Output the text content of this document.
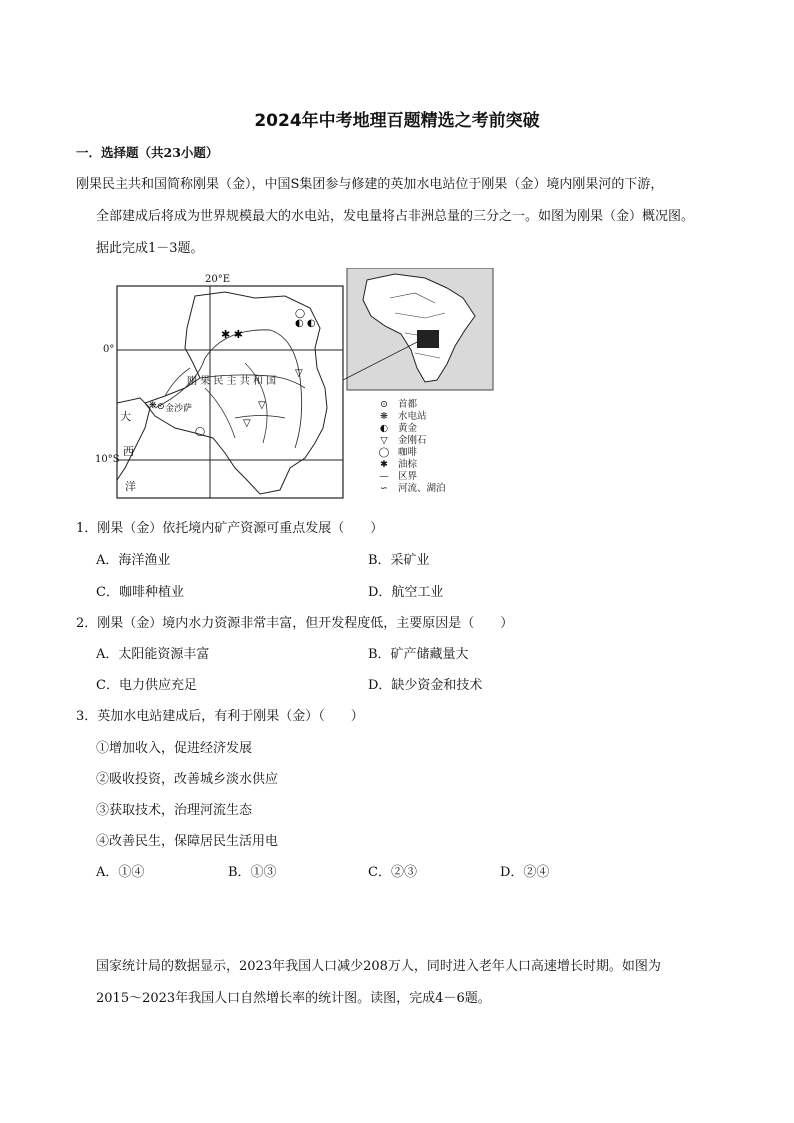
2024年中考地理百题精选之考前突破
一．选择题（共23小题）
刚果民主共和国简称刚果（金），中国S集团参与修建的英加水电站位于刚果（金）境内刚果河的下游，
全部建成后将成为世界规模最大的水电站，发电量将占非洲总量的三分之一。如图为刚果（金）概况图。
据此完成1－3题。
◐ ◐
◯
✱ ✱
▽
▽
▽
◯
⊙
❋
20°E
0°
10°S
刚 果 民 主 共 和 国
金沙萨
大
西
洋
⊙ 首都
❋ 水电站
◐ 黄金
▽ 金刚石
◯ 咖啡
✱ 油棕
— 区界
∽ 河流、湖泊
1．刚果（金）依托境内矿产资源可重点发展（　　）
A．海洋渔业	B．采矿业
C．咖啡种植业	D．航空工业
2．刚果（金）境内水力资源非常丰富，但开发程度低，主要原因是（　　）
A．太阳能资源丰富	B．矿产储藏量大
C．电力供应充足	D．缺少资金和技术
3．英加水电站建成后，有利于刚果（金）（　　）
①增加收入，促进经济发展
②吸收投资，改善城乡淡水供应
③获取技术，治理河流生态
④改善民生，保障居民生活用电
A．①④	B．①③	C．②③	D．②④
国家统计局的数据显示，2023年我国人口减少208万人，同时进入老年人口高速增长时期。如图为
2015～2023年我国人口自然增长率的统计图。读图，完成4－6题。
